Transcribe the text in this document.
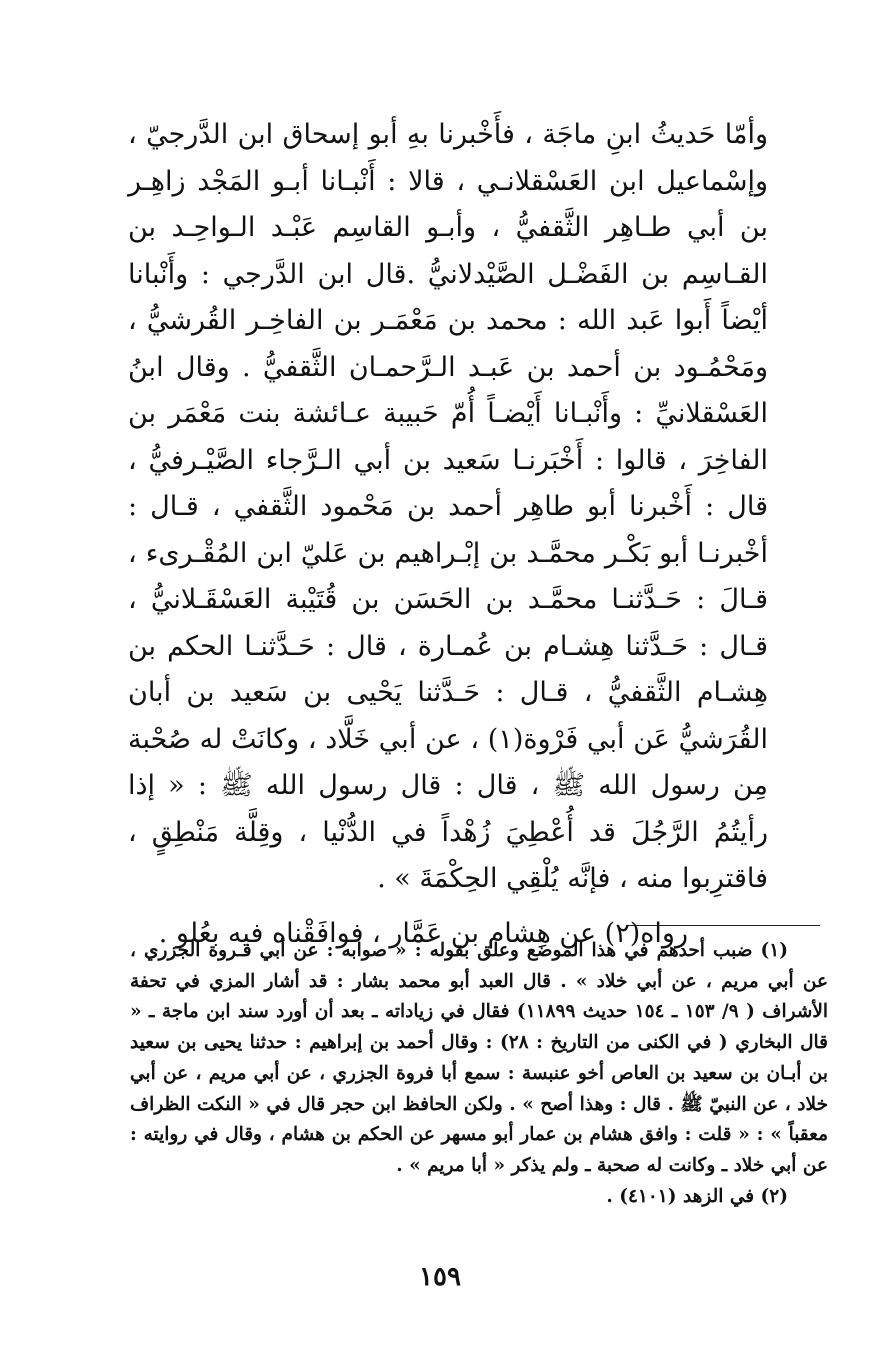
وأمّا حَديثُ ابنِ ماجَة ، فأَخْبرنا بهِ أبو إسحاق ابن الدَّرجيّ ، وإسْماعيل ابن العَسْقلانـي ، قالا : أَنْبـانا أبـو المَجْد زاهِـر بن أبي طـاهِر الثَّقفيُّ ، وأبـو القاسِم عَبْـد الـواحِـد بن القـاسِم بن الفَضْـل الصَّيْدلانيُّ .قال ابن الدَّرجي : وأَنْبانا أيْضاً أَبوا عَبد الله : محمد بن مَعْمَـر بن الفاخِـر القُرشيُّ ، ومَحْمُـود بن أحمد بن عَبـد الـرَّحمـان الثَّقفيُّ . وقال ابنُ العَسْقلانيِّ : وأَنْبـانا أَيْضـاً أُمّ حَبيبة عـائشة بنت مَعْمَر بن الفاخِرَ ، قالوا : أَخْبَرنـا سَعيد بن أبي الـرَّجاء الصَّيْـرفيُّ ، قال : أَخْبرنا أبو طاهِر أحمد بن مَحْمود الثَّقفي ، قـال : أخْبرنـا أبو بَكْـر محمَّـد بن إبْـراهيم بن عَليّ ابن المُقْـرىء ، قـالَ : حَـدَّثنـا محمَّـد بن الحَسَن بن قُتَيْبة العَسْقَـلانيُّ ، قـال : حَـدَّثنا هِشـام بن عُمـارة ، قال : حَـدَّثنـا الحكم بن هِشـام الثَّقفيُّ ، قـال : حَـدَّثنا يَحْيى بن سَعيد بن أبان القُرَشيُّ عَن أبي فَرْوة(١) ، عن أبي خَلَّاد ، وكانَتْ له صُحْبة مِن رسول الله ﷺ ، قال : قال رسول الله ﷺ : « إذا رأيتُمُ الرَّجُلَ قد أُعْطِيَ زُهْداً في الدُّنْيا ، وقِلَّة مَنْطِقٍ ، فاقترِبوا منه ، فإنَّه يُلْقِي الحِكْمَةَ » .

رواه(٢) عن هِشام بن عَمَّار ، فوافَقْناه فيه بعُلو .

(١) ضبب أحدهم في هذا الموضع وعلق بقوله : « صوابه : عن أبي فـروة الجزري ، عن أبي مريم ، عن أبي خلاد » . قال العبد أبو محمد بشار : قد أشار المزي في تحفة الأشراف ( ٩/ ١٥٣ ـ ١٥٤ حديث ١١٨٩٩) فقال في زياداته ـ بعد أن أورد سند ابن ماجة ـ « قال البخاري ( في الكنى من التاريخ : ٢٨) : وقال أحمد بن إبراهيم : حدثنا يحيى بن سعيد بن أبـان بن سعيد بن العاص أخو عنبسة : سمع أبا فروة الجزري ، عن أبي مريم ، عن أبي خلاد ، عن النبيّ ﷺ . قال : وهذا أصح » . ولكن الحافظ ابن حجر قال في « النكت الظراف معقباً » : « قلت : وافق هشام بن عمار أبو مسهر عن الحكم بن هشام ، وقال في روايته : عن أبي خلاد ـ وكانت له صحبة ـ ولم يذكر « أبا مريم » .

(٢) في الزهد (٤١٠١) .

١٥٩
